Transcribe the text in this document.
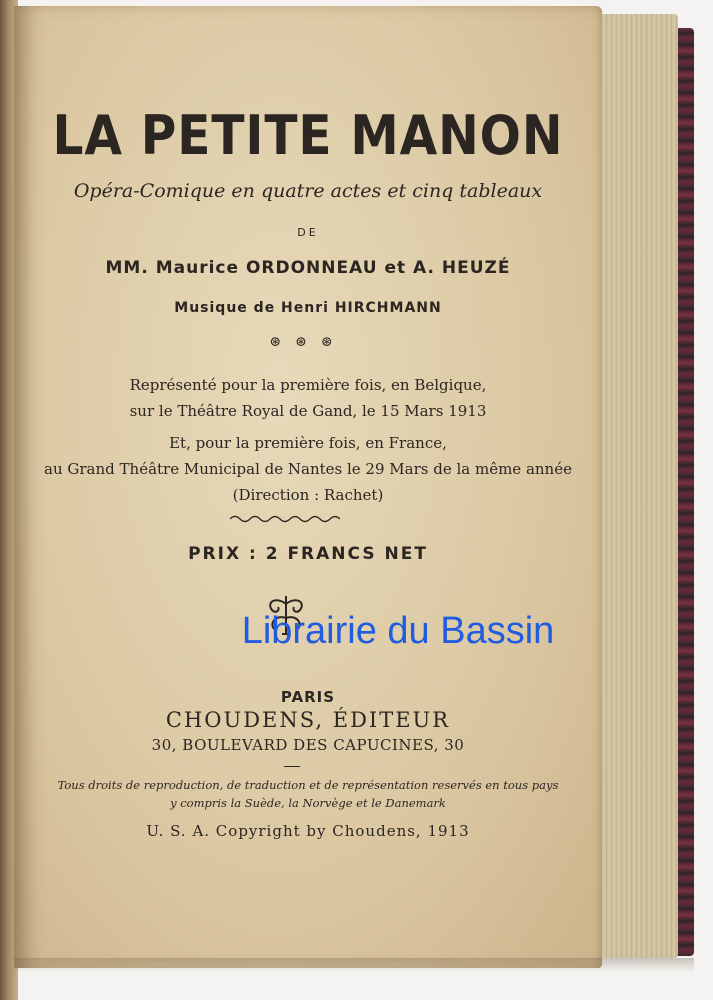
LA PETITE MANON
Opéra-Comique en quatre actes et cinq tableaux
DE
MM. Maurice ORDONNEAU et A. HEUZÉ
Musique de Henri HIRCHMANN
⊛⊛⊛
Représenté pour la première fois, en Belgique,
sur le Théâtre Royal de Gand, le 15 Mars 1913
Et, pour la première fois, en France,
au Grand Théâtre Municipal de Nantes le 29 Mars de la même année
(Direction : Rachet)
PRIX : 2 FRANCS NET
Librairie du Bassin
PARIS
CHOUDENS, ÉDITEUR
30, BOULEVARD DES CAPUCINES, 30
Tous droits de reproduction, de traduction et de représentation reservés en tous pays
y compris la Suède, la Norvège et le Danemark
U. S. A. Copyright by Choudens, 1913
